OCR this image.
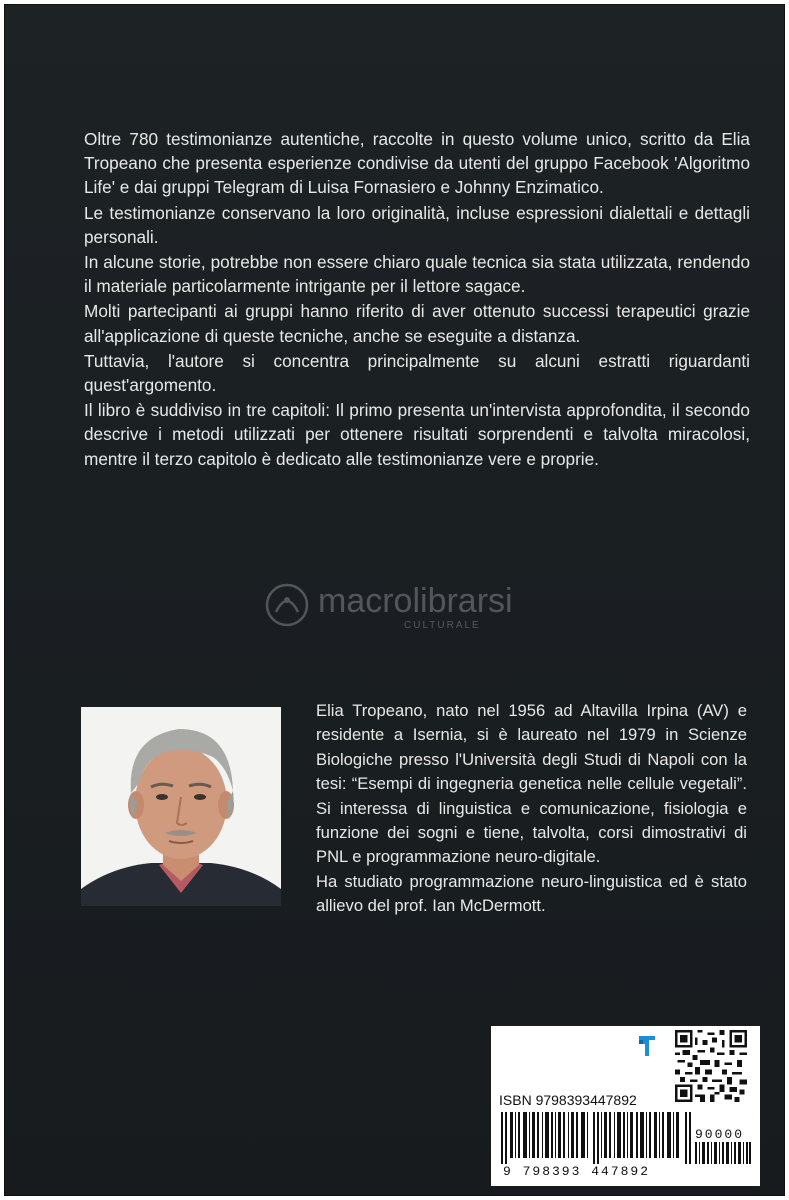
Oltre 780 testimonianze autentiche, raccolte in questo volume unico, scritto da Elia Tropeano che presenta esperienze condivise da utenti del gruppo Facebook 'Algoritmo Life' e dai gruppi Telegram di Luisa Fornasiero e Johnny Enzimatico.

Le testimonianze conservano la loro originalità, incluse espressioni dialettali e dettagli personali.

In alcune storie, potrebbe non essere chiaro quale tecnica sia stata utilizzata, rendendo il materiale particolarmente intrigante per il lettore sagace.

Molti partecipanti ai gruppi hanno riferito di aver ottenuto successi terapeutici grazie all'applicazione di queste tecniche, anche se eseguite a distanza.

Tuttavia, l'autore si concentra principalmente su alcuni estratti riguardanti quest'argomento.

Il libro è suddiviso in tre capitoli: Il primo presenta un'intervista approfondita, il secondo descrive i metodi utilizzati per ottenere risultati sorprendenti e talvolta miracolosi, mentre il terzo capitolo è dedicato alle testimonianze vere e proprie.

macrolibrarsi
CULTURALE

Elia Tropeano, nato nel 1956 ad Altavilla Irpina (AV) e residente a Isernia, si è laureato nel 1979 in Scienze Biologiche presso l'Università degli Studi di Napoli con la tesi: “Esempi di ingegneria genetica nelle cellule vegetali”. Si interessa di linguistica e comunicazione, fisiologia e funzione dei sogni e tiene, talvolta, corsi dimostrativi di PNL e programmazione neuro-digitale.

Ha studiato programmazione neuro-linguistica ed è stato allievo del prof. Ian McDermott.

ISBN 9798393447892
90000
9 798393 447892
